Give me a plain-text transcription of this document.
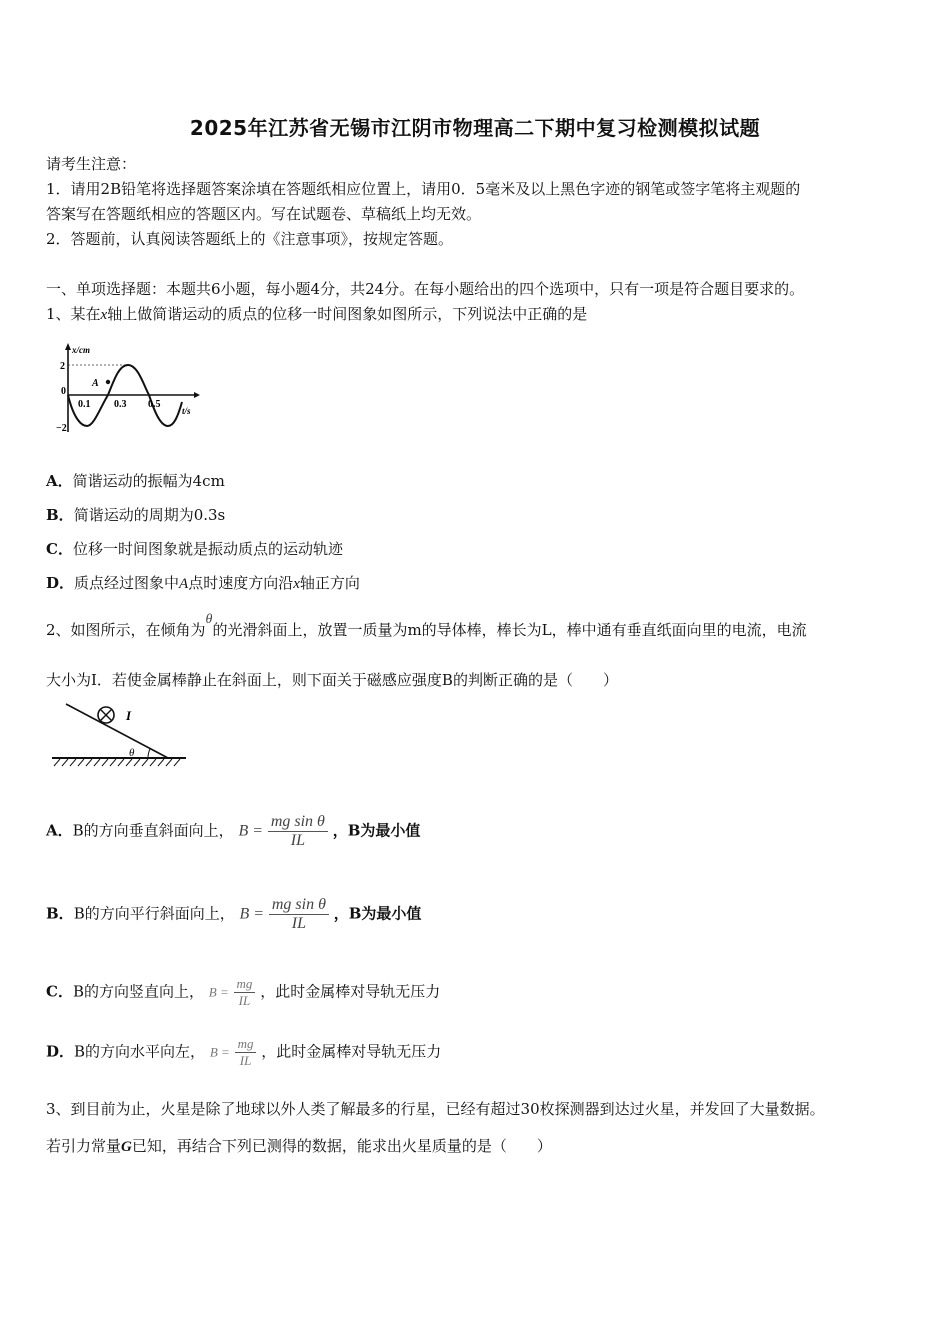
2025年江苏省无锡市江阴市物理高二下期中复习检测模拟试题
请考生注意：
1．请用2B铅笔将选择题答案涂填在答题纸相应位置上，请用0．5毫米及以上黑色字迹的钢笔或签字笔将主观题的
答案写在答题纸相应的答题区内。写在试题卷、草稿纸上均无效。
2．答题前，认真阅读答题纸上的《注意事项》，按规定答题。
一、单项选择题：本题共6小题，每小题4分，共24分。在每小题给出的四个选项中，只有一项是符合题目要求的。
1、某在x轴上做简谐运动的质点的位移一时间图象如图所示，下列说法中正确的是
x/cm
t/s
2
−2
0
0.1 0.3 0.5
A
A．简谐运动的振幅为4cm
B．简谐运动的周期为0.3s
C．位移一时间图象就是振动质点的运动轨迹
D．质点经过图象中A点时速度方向沿x轴正方向
2、如图所示，在倾角为θ的光滑斜面上，放置一质量为m的导体棒，棒长为L，棒中通有垂直纸面向里的电流，电流
大小为I．若使金属棒静止在斜面上，则下面关于磁感应强度B的判断正确的是（　　）
I
θ
A．B的方向垂直斜面向上， $B = \frac{\text{mg sin θ}}{IL}$ ，B为最小值
B．B的方向平行斜面向上， $B = \frac{\text{mg sin θ}}{IL}$ ，B为最小值
C．B的方向竖直向上， $B = \frac{mg}{IL}$ ，此时金属棒对导轨无压力
D．B的方向水平向左， $B = \frac{mg}{IL}$ ，此时金属棒对导轨无压力
3、到目前为止，火星是除了地球以外人类了解最多的行星，已经有超过30枚探测器到达过火星，并发回了大量数据。
若引力常量G已知，再结合下列已测得的数据，能求出火星质量的是（　　）
